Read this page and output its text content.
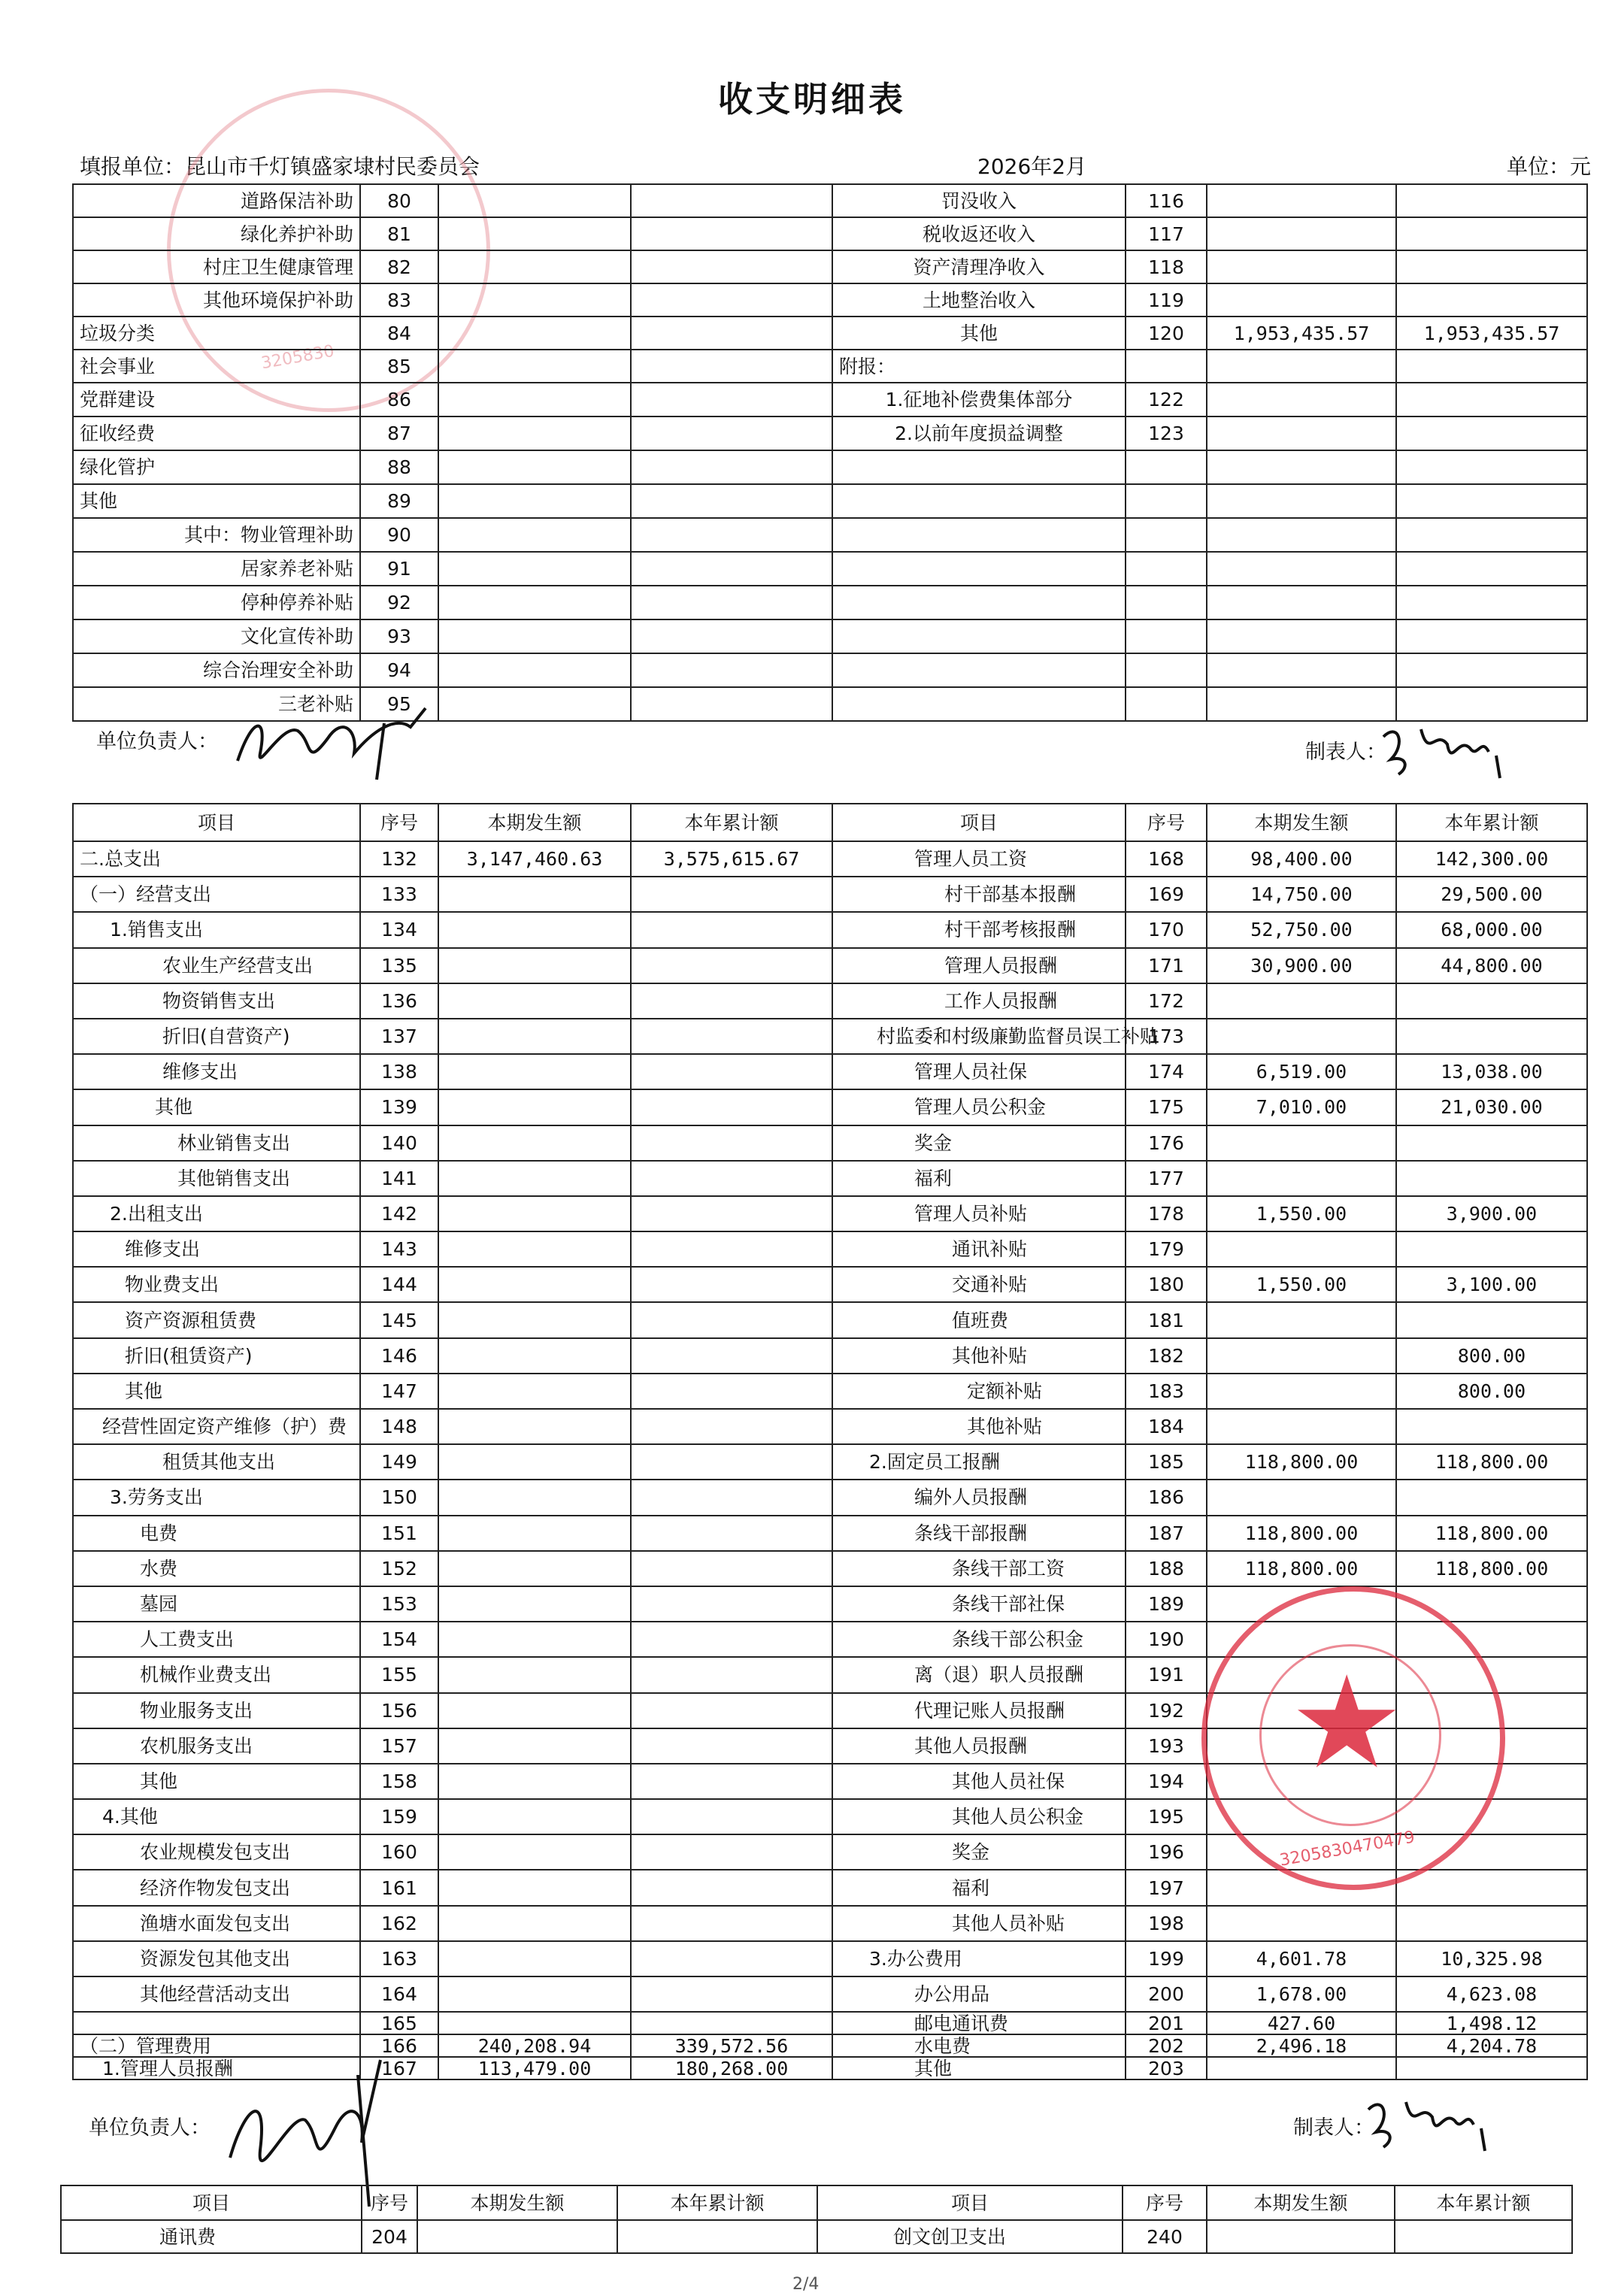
收支明细表
填报单位：昆山市千灯镇盛家埭村民委员会	2026年2月	单位：元
3205830
道路保洁补助	80			罚没收入	116		
绿化养护补助	81			税收返还收入	117		
村庄卫生健康管理	82			资产清理净收入	118		
其他环境保护补助	83			土地整治收入	119		
垃圾分类	84			其他	120	1,953,435.57	1,953,435.57
社会事业	85			附报：			
党群建设	86			1.征地补偿费集体部分	122		
征收经费	87			2.以前年度损益调整	123		
绿化管护	88						
其他	89						
其中：物业管理补助	90						
居家养老补贴	91						
停种停养补贴	92						
文化宣传补助	93						
综合治理安全补助	94						
三老补贴	95						
单位负责人：	制表人：
项目	序号	本期发生额	本年累计额	项目	序号	本期发生额	本年累计额
二.总支出	132	3,147,460.63	3,575,615.67	管理人员工资	168	98,400.00	142,300.00
（一）经营支出	133			村干部基本报酬	169	14,750.00	29,500.00
1.销售支出	134			村干部考核报酬	170	52,750.00	68,000.00
农业生产经营支出	135			管理人员报酬	171	30,900.00	44,800.00
物资销售支出	136			工作人员报酬	172		
折旧(自营资产)	137			村监委和村级廉勤监督员误工补贴	173		
维修支出	138			管理人员社保	174	6,519.00	13,038.00
其他	139			管理人员公积金	175	7,010.00	21,030.00
林业销售支出	140			奖金	176		
其他销售支出	141			福利	177		
2.出租支出	142			管理人员补贴	178	1,550.00	3,900.00
维修支出	143			通讯补贴	179		
物业费支出	144			交通补贴	180	1,550.00	3,100.00
资产资源租赁费	145			值班费	181		
折旧(租赁资产)	146			其他补贴	182		800.00
其他	147			定额补贴	183		800.00
经营性固定资产维修（护）费	148			其他补贴	184		
租赁其他支出	149			2.固定员工报酬	185	118,800.00	118,800.00
3.劳务支出	150			编外人员报酬	186		
电费	151			条线干部报酬	187	118,800.00	118,800.00
水费	152			条线干部工资	188	118,800.00	118,800.00
墓园	153			条线干部社保	189		
人工费支出	154			条线干部公积金	190		
机械作业费支出	155			离（退）职人员报酬	191		
物业服务支出	156			代理记账人员报酬	192		
农机服务支出	157			其他人员报酬	193		
其他	158			其他人员社保	194		
4.其他	159			其他人员公积金	195		
农业规模发包支出	160			奖金	196		
经济作物发包支出	161			福利	197		
渔塘水面发包支出	162			其他人员补贴	198		
资源发包其他支出	163			3.办公费用	199	4,601.78	10,325.98
其他经营活动支出	164			办公用品	200	1,678.00	4,623.08
	165			邮电通讯费	201	427.60	1,498.12
（二）管理费用	166	240,208.94	339,572.56	水电费	202	2,496.18	4,204.78
1.管理人员报酬	167	113,479.00	180,268.00	其他	203		
★
3205830470479
单位负责人：	制表人：
项目	序号	本期发生额	本年累计额	项目	序号	本期发生额	本年累计额
通讯费	204			创文创卫支出	240		
2/4
